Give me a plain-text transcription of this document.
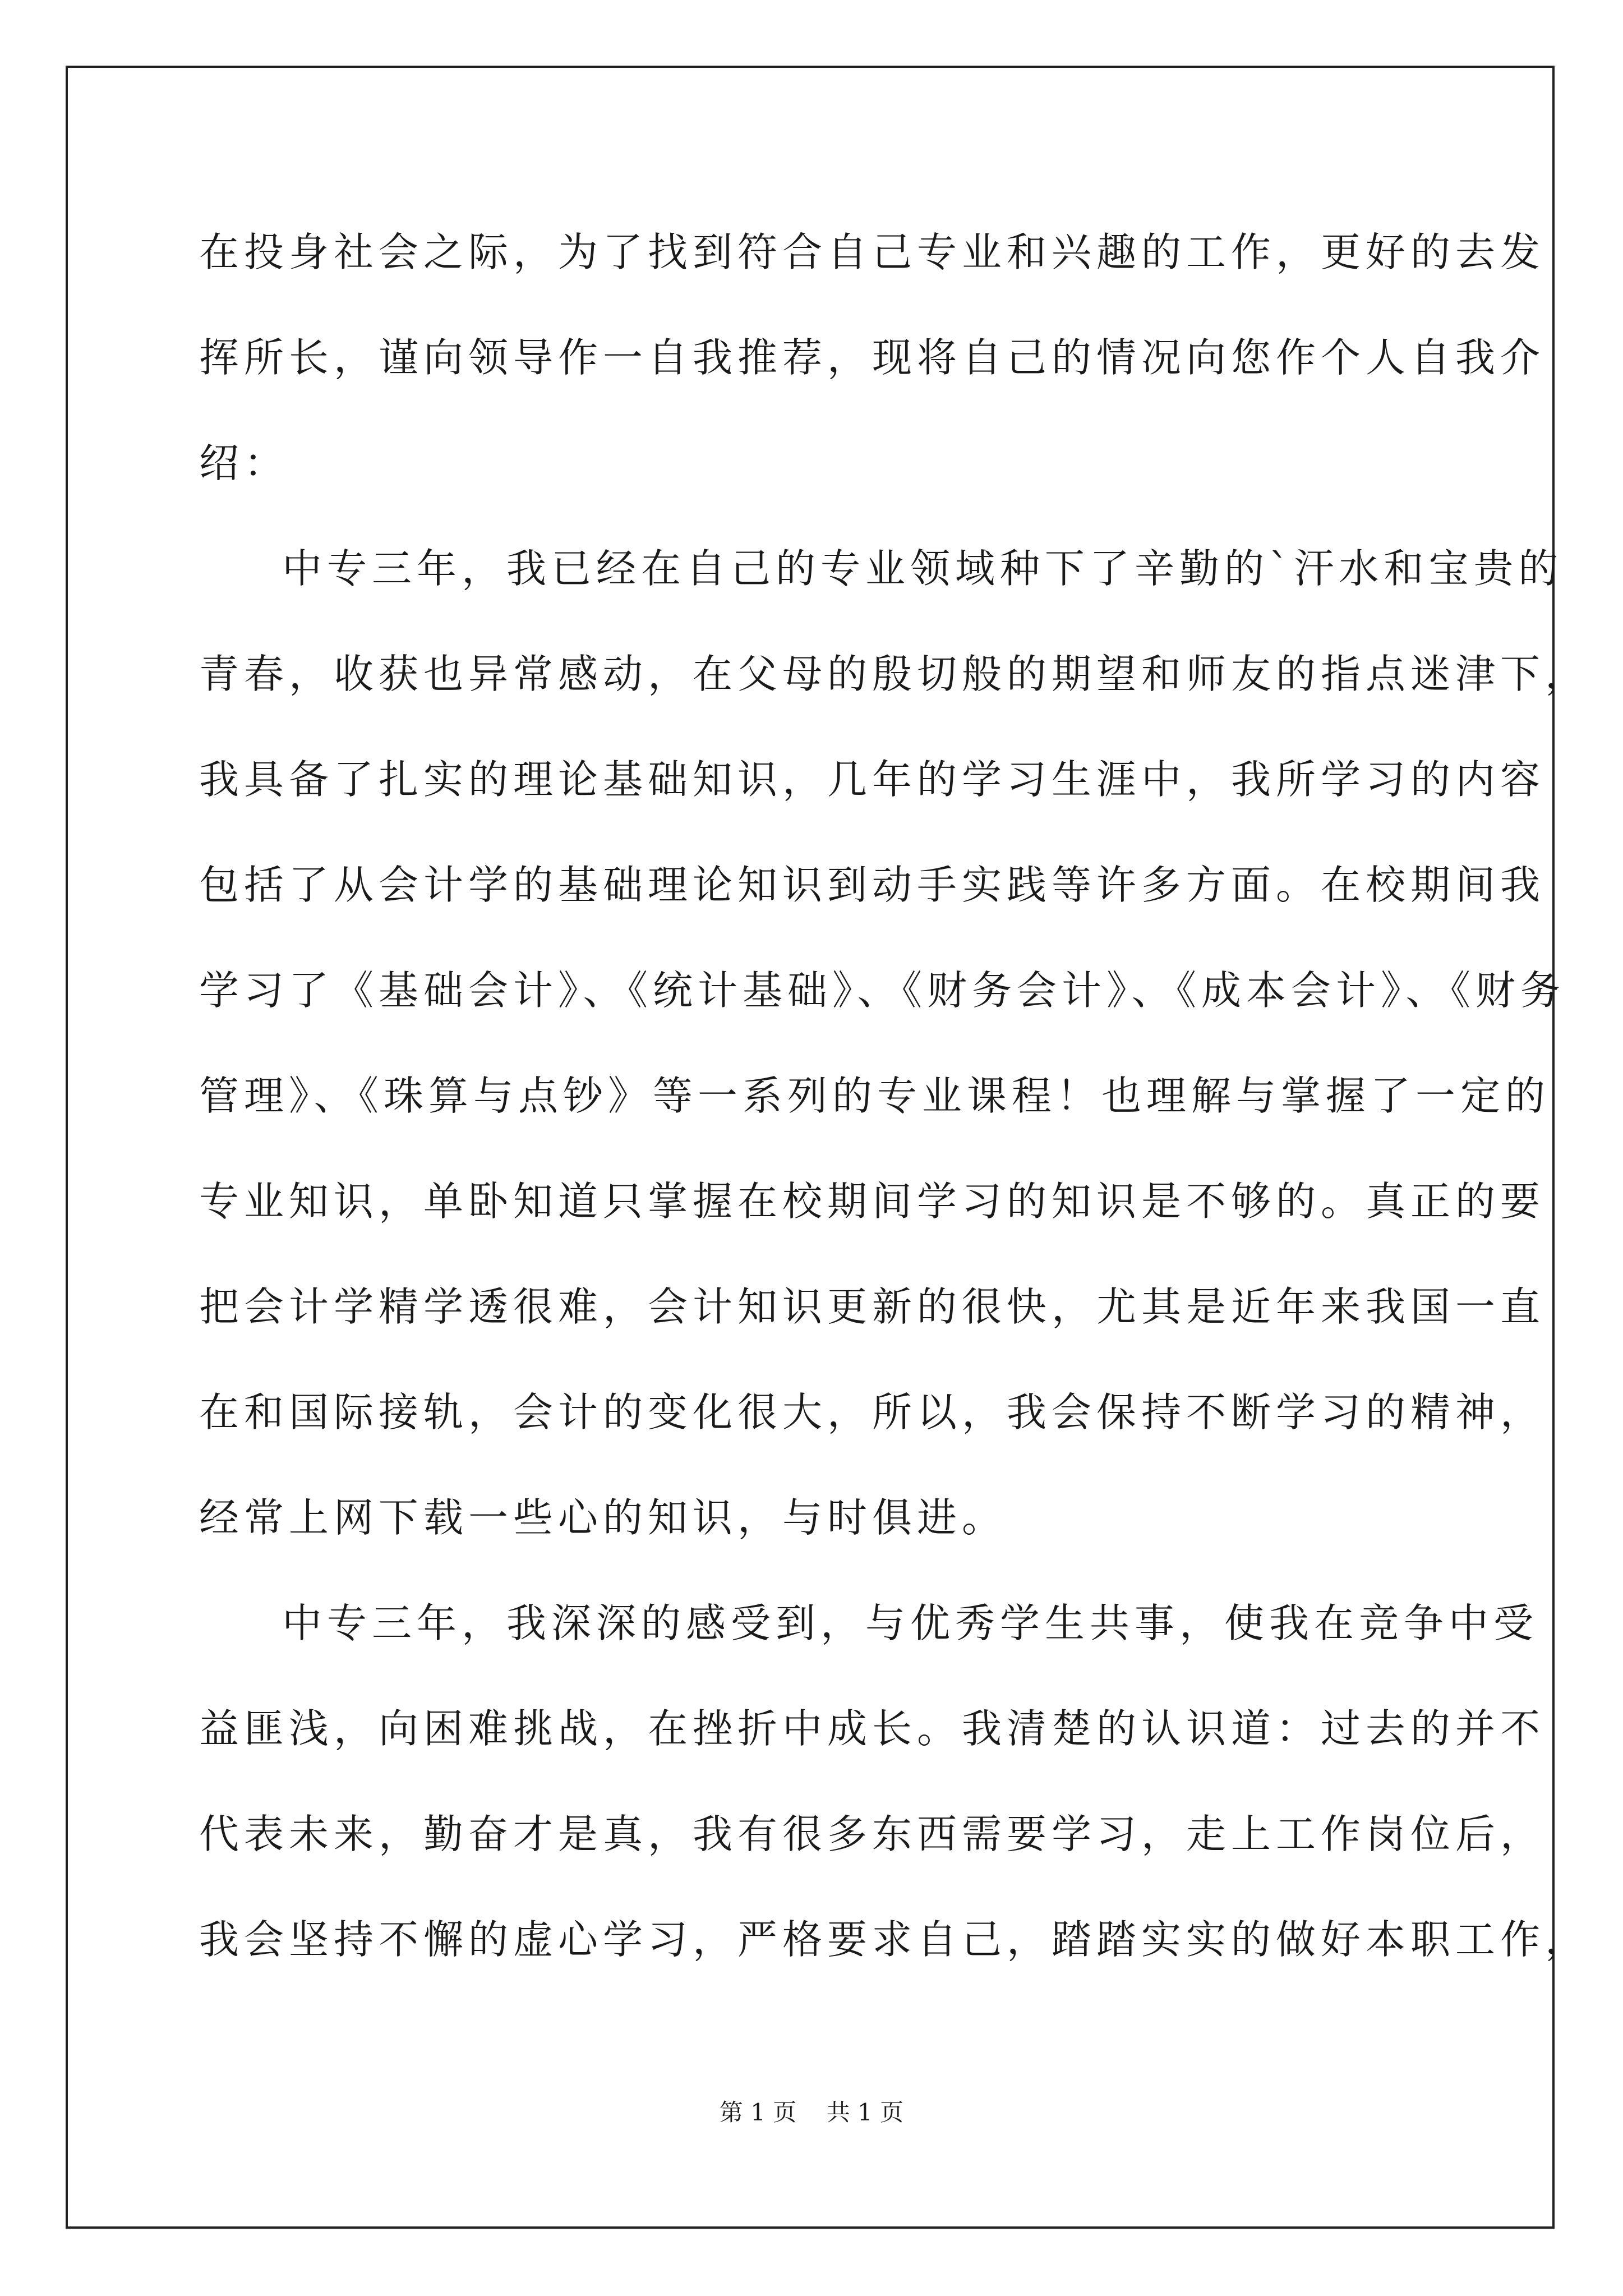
在投身社会之际，为了找到符合自己专业和兴趣的工作，更好的去发
挥所长，谨向领导作一自我推荐，现将自己的情况向您作个人自我介
绍：
中专三年，我已经在自己的专业领域种下了辛勤的`汗水和宝贵的
青春，收获也异常感动，在父母的殷切般的期望和师友的指点迷津下，
我具备了扎实的理论基础知识，几年的学习生涯中，我所学习的内容
包括了从会计学的基础理论知识到动手实践等许多方面。在校期间我
学习了《基础会计》、《统计基础》、《财务会计》、《成本会计》、《财务
管理》、《珠算与点钞》等一系列的专业课程！也理解与掌握了一定的
专业知识，单卧知道只掌握在校期间学习的知识是不够的。真正的要
把会计学精学透很难，会计知识更新的很快，尤其是近年来我国一直
在和国际接轨，会计的变化很大，所以，我会保持不断学习的精神，
经常上网下载一些心的知识，与时俱进。
中专三年，我深深的感受到，与优秀学生共事，使我在竞争中受
益匪浅，向困难挑战，在挫折中成长。我清楚的认识道：过去的并不
代表未来，勤奋才是真，我有很多东西需要学习，走上工作岗位后，
我会坚持不懈的虚心学习，严格要求自己，踏踏实实的做好本职工作，
第 1 页    共 1 页
